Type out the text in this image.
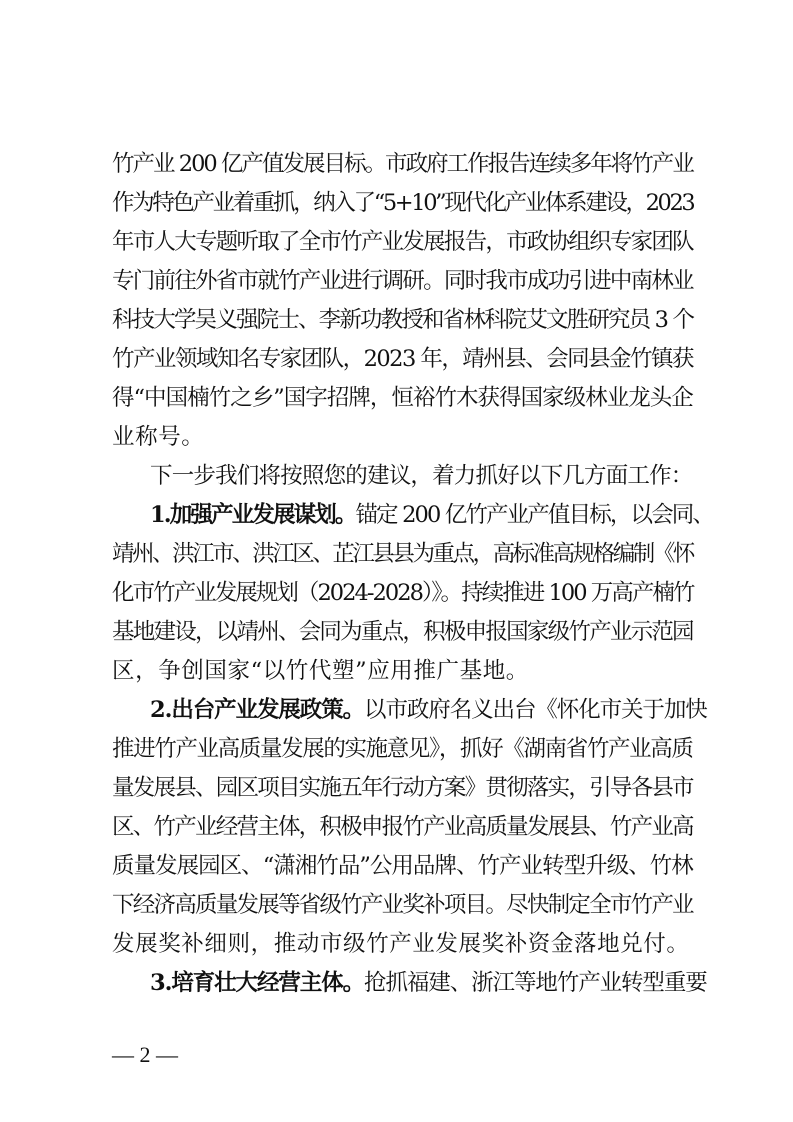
竹产业 200 亿产值发展目标。市政府工作报告连续多年将竹产业
作为特色产业着重抓，纳入了“5+10”现代化产业体系建设，2023
年市人大专题听取了全市竹产业发展报告，市政协组织专家团队
专门前往外省市就竹产业进行调研。同时我市成功引进中南林业
科技大学吴义强院士、李新功教授和省林科院艾文胜研究员 3 个
竹产业领域知名专家团队，2023 年，靖州县、会同县金竹镇获
得“中国楠竹之乡”国字招牌，恒裕竹木获得国家级林业龙头企
业称号。
下一步我们将按照您的建议，着力抓好以下几方面工作：
1.加强产业发展谋划。锚定 200 亿竹产业产值目标，以会同、
靖州、洪江市、洪江区、芷江县县为重点，高标准高规格编制《怀
化市竹产业发展规划（2024-2028）》。持续推进 100 万高产楠竹
基地建设，以靖州、会同为重点，积极申报国家级竹产业示范园
区，争创国家“以竹代塑”应用推广基地。
2.出台产业发展政策。以市政府名义出台《怀化市关于加快
推进竹产业高质量发展的实施意见》，抓好《湖南省竹产业高质
量发展县、园区项目实施五年行动方案》贯彻落实，引导各县市
区、竹产业经营主体，积极申报竹产业高质量发展县、竹产业高
质量发展园区、“潇湘竹品”公用品牌、竹产业转型升级、竹林
下经济高质量发展等省级竹产业奖补项目。尽快制定全市竹产业
发展奖补细则，推动市级竹产业发展奖补资金落地兑付。
3.培育壮大经营主体。抢抓福建、浙江等地竹产业转型重要
— 2 —
